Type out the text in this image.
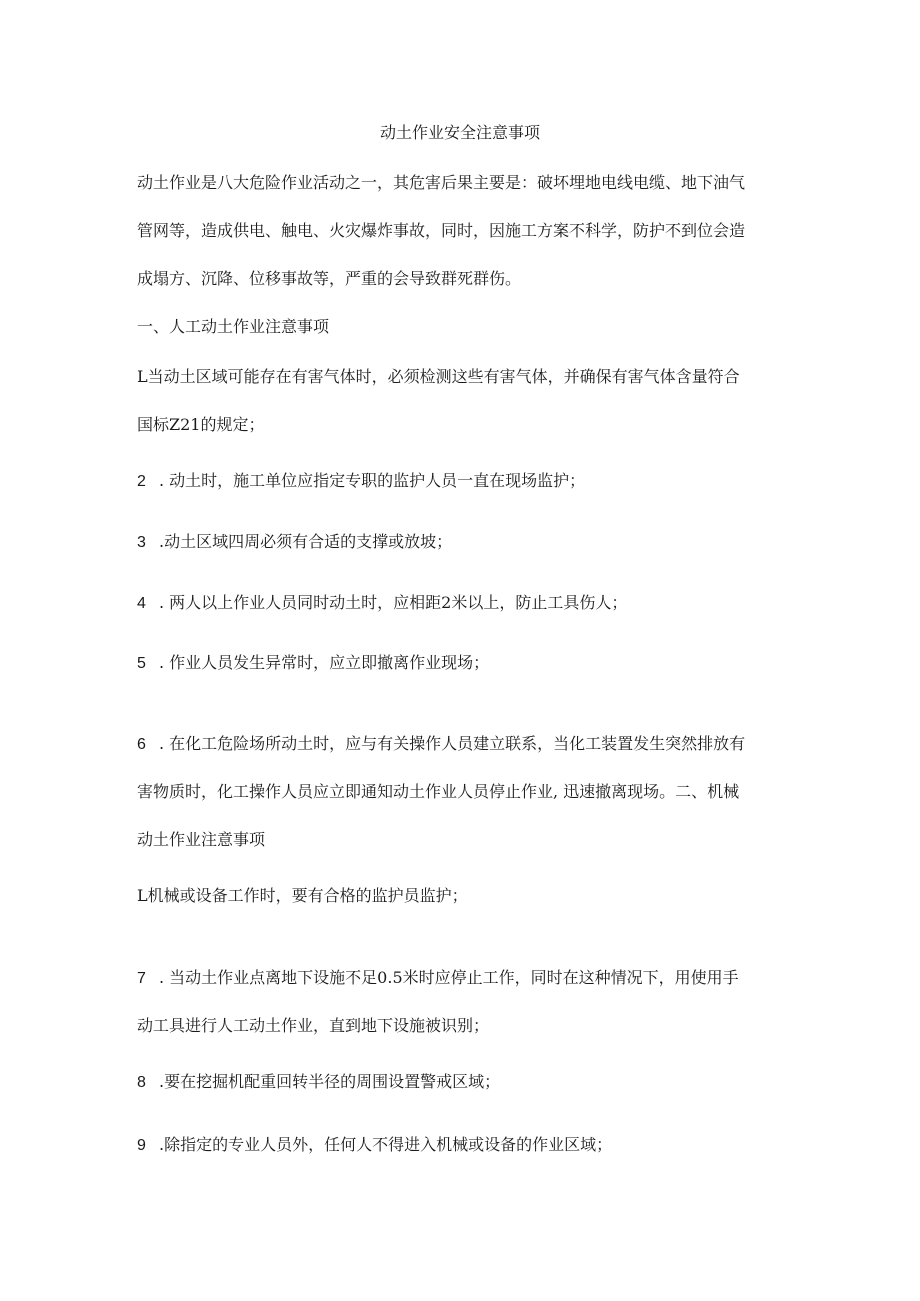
动土作业安全注意事项
动土作业是八大危险作业活动之一，其危害后果主要是：破坏埋地电线电缆、地下油气
管网等，造成供电、触电、火灾爆炸事故，同时，因施工方案不科学，防护不到位会造
成塌方、沉降、位移事故等，严重的会导致群死群伤。
一、人工动土作业注意事项
L当动土区域可能存在有害气体时，必须检测这些有害气体，并确保有害气体含量符合
国标Z21的规定；
2 . 动土时，施工单位应指定专职的监护人员一直在现场监护；
3 .动土区域四周必须有合适的支撑或放坡；
4 . 两人以上作业人员同时动土时，应相距2米以上，防止工具伤人；
5 . 作业人员发生异常时，应立即撤离作业现场；
6 . 在化工危险场所动土时，应与有关操作人员建立联系，当化工装置发生突然排放有
害物质时，化工操作人员应立即通知动土作业人员停止作业, 迅速撤离现场。二、机械
动土作业注意事项
L机械或设备工作时，要有合格的监护员监护；
7 . 当动土作业点离地下设施不足0.5米时应停止工作，同时在这种情况下，用使用手
动工具进行人工动土作业，直到地下设施被识别；
8 .要在挖掘机配重回转半径的周围设置警戒区域；
9 .除指定的专业人员外，任何人不得进入机械或设备的作业区域；
